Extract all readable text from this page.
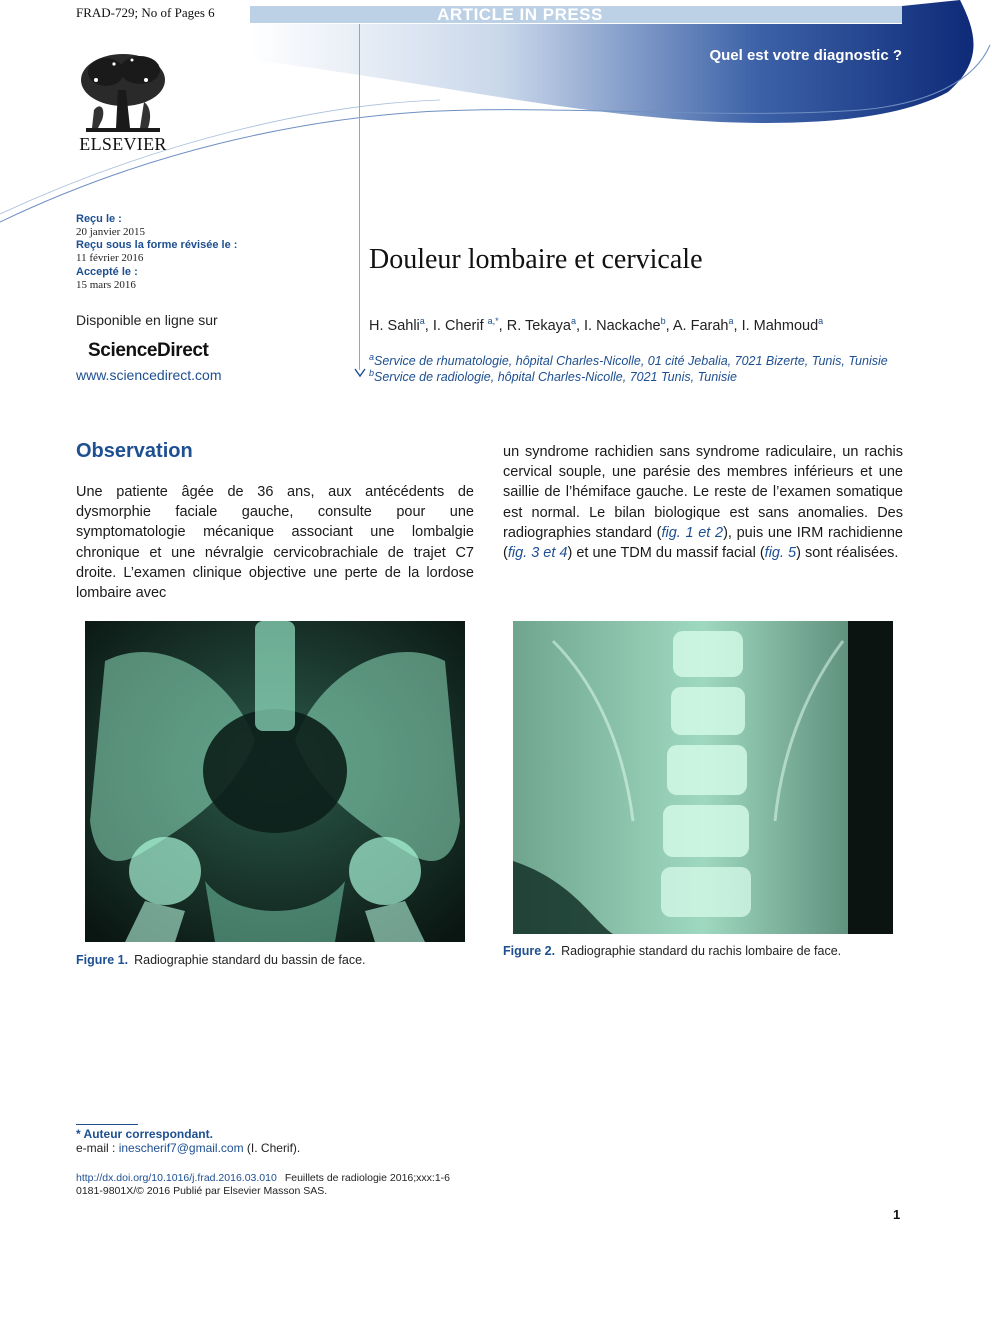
FRAD-729; No of Pages 6	ARTICLE IN PRESS
Quel est votre diagnostic ?
ELSEVIER
Reçu le :
20 janvier 2015
Reçu sous la forme révisée le :
11 février 2016
Accepté le :
15 mars 2016
Disponible en ligne sur
ScienceDirect
www.sciencedirect.com
Douleur lombaire et cervicale
H. Sahli$^a$, I. Cherif $^{a,*}$, R. Tekaya$^a$, I. Nackache$^b$, A. Farah$^a$, I. Mahmoud$^a$
$^a$Service de rhumatologie, hôpital Charles-Nicolle, 01 cité Jebalia, 7021 Bizerte, Tunis, Tunisie
$^b$Service de radiologie, hôpital Charles-Nicolle, 7021 Tunis, Tunisie
Observation
Une patiente âgée de 36 ans, aux antécédents de dysmorphie faciale gauche, consulte pour une symptomatologie mécanique associant une lombalgie chronique et une névralgie cervicobrachiale de trajet C7 droite. L’examen clinique objective une perte de la lordose lombaire avec
un syndrome rachidien sans syndrome radiculaire, un rachis cervical souple, une parésie des membres inférieurs et une saillie de l’hémiface gauche. Le reste de l’examen somatique est normal. Le bilan biologique est sans anomalies. Des radiographies standard (fig. 1 et 2), puis une IRM rachidienne (fig. 3 et 4) et une TDM du massif facial (fig. 5) sont réalisées.
Figure 1. Radiographie standard du bassin de face.
Figure 2. Radiographie standard du rachis lombaire de face.
* Auteur correspondant.
e-mail : inescherif7@gmail.com (I. Cherif).
http://dx.doi.org/10.1016/j.frad.2016.03.010 Feuillets de radiologie 2016;xxx:1-6
0181-9801X/© 2016 Publié par Elsevier Masson SAS.
1
